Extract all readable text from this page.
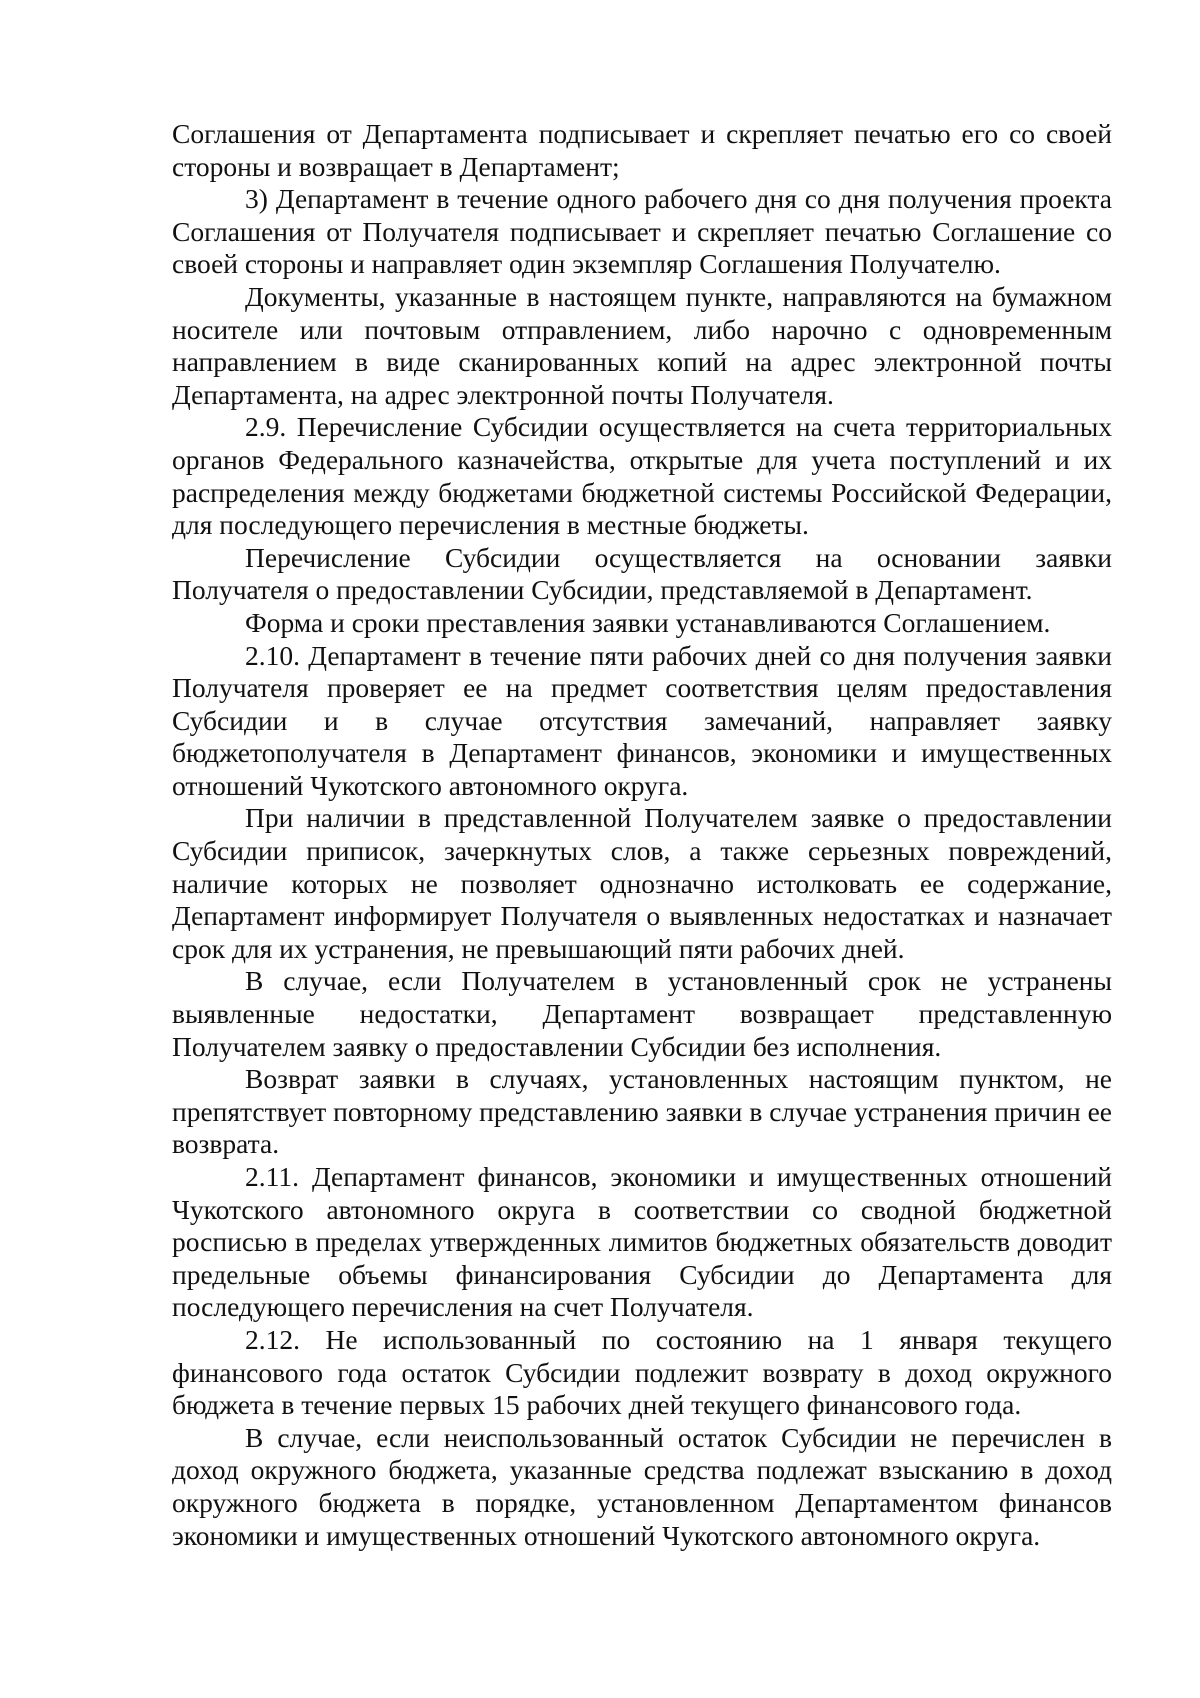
Соглашения от Департамента подписывает и скрепляет печатью его со своей стороны и возвращает в Департамент;

3) Департамент в течение одного рабочего дня со дня получения проекта Соглашения от Получателя подписывает и скрепляет печатью Соглашение со своей стороны и направляет один экземпляр Соглашения Получателю.

Документы, указанные в настоящем пункте, направляются на бумажном носителе или почтовым отправлением, либо нарочно с одновременным направлением в виде сканированных копий на адрес электронной почты Департамента, на адрес электронной почты Получателя.

2.9. Перечисление Субсидии осуществляется на счета территориальных органов Федерального казначейства, открытые для учета поступлений и их распределения между бюджетами бюджетной системы Российской Федерации, для последующего перечисления в местные бюджеты.

Перечисление Субсидии осуществляется на основании заявки Получателя о предоставлении Субсидии, представляемой в Департамент.

Форма и сроки преставления заявки устанавливаются Соглашением.

2.10. Департамент в течение пяти рабочих дней со дня получения заявки Получателя проверяет ее на предмет соответствия целям предоставления Субсидии и в случае отсутствия замечаний, направляет заявку бюджетополучателя в Департамент финансов, экономики и имущественных отношений Чукотского автономного округа.

При наличии в представленной Получателем заявке о предоставлении Субсидии приписок, зачеркнутых слов, а также серьезных повреждений, наличие которых не позволяет однозначно истолковать ее содержание, Департамент информирует Получателя о выявленных недостатках и назначает срок для их устранения, не превышающий пяти рабочих дней.

В случае, если Получателем в установленный срок не устранены выявленные недостатки, Департамент возвращает представленную Получателем заявку о предоставлении Субсидии без исполнения.

Возврат заявки в случаях, установленных настоящим пунктом, не препятствует повторному представлению заявки в случае устранения причин ее возврата.

2.11. Департамент финансов, экономики и имущественных отношений Чукотского автономного округа в соответствии со сводной бюджетной росписью в пределах утвержденных лимитов бюджетных обязательств доводит предельные объемы финансирования Субсидии до Департамента для последующего перечисления на счет Получателя.

2.12. Не использованный по состоянию на 1 января текущего финансового года остаток Субсидии подлежит возврату в доход окружного бюджета в течение первых 15 рабочих дней текущего финансового года.

В случае, если неиспользованный остаток Субсидии не перечислен в доход окружного бюджета, указанные средства подлежат взысканию в доход окружного бюджета в порядке, установленном Департаментом финансов экономики и имущественных отношений Чукотского автономного округа.
